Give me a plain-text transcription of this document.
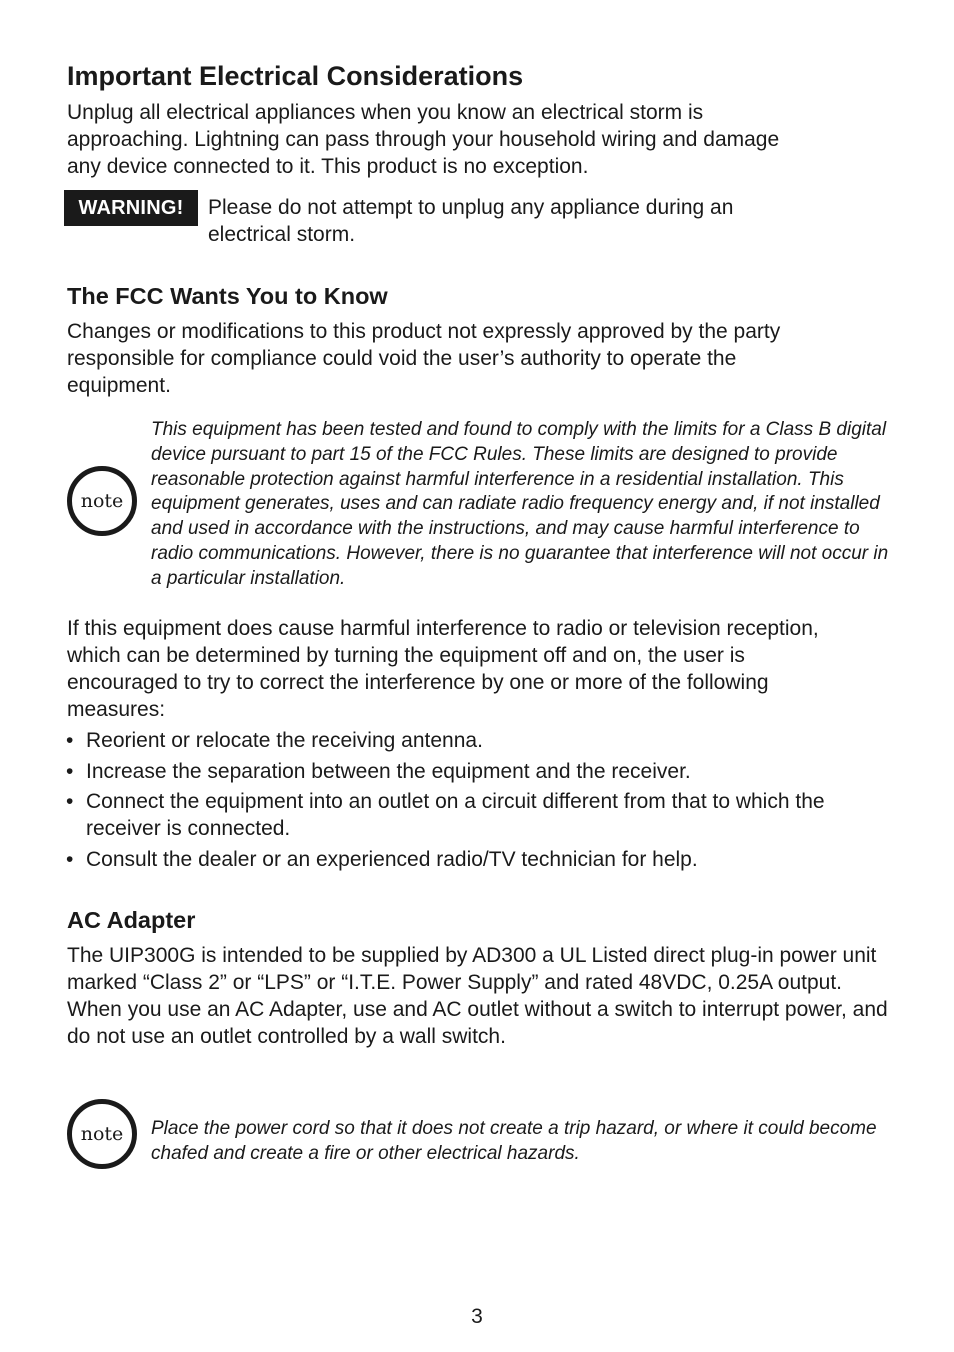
Important Electrical Considerations

Unplug all electrical appliances when you know an electrical storm is approaching. Lightning can pass through your household wiring and damage any device connected to it. This product is no exception.

WARNING!	Please do not attempt to unplug any appliance during an electrical storm.

The FCC Wants You to Know

Changes or modifications to this product not expressly approved by the party responsible for compliance could void the user’s authority to operate the equipment.

note

This equipment has been tested and found to comply with the limits for a Class B digital device pursuant to part 15 of the FCC Rules. These limits are designed to provide reasonable protection against harmful interference in a residential installation. This equipment generates, uses and can radiate radio frequency energy and, if not installed and used in accordance with the instructions, and may cause harmful interference to radio communications. However, there is no guarantee that interference will not occur in a particular installation.

If this equipment does cause harmful interference to radio or television reception, which can be determined by turning the equipment off and on, the user is encouraged to try to correct the interference by one or more of the following measures:

• Reorient or relocate the receiving antenna.
• Increase the separation between the equipment and the receiver.
• Connect the equipment into an outlet on a circuit different from that to which the receiver is connected.
• Consult the dealer or an experienced radio/TV technician for help.
AC Adapter

The UIP300G is intended to be supplied by AD300 a UL Listed direct plug-in power unit marked “Class 2” or “LPS” or “I.T.E. Power Supply” and rated 48VDC, 0.25A output. When you use an AC Adapter, use and AC outlet without a switch to interrupt power, and do not use an outlet controlled by a wall switch.

note Place the power cord so that it does not create a trip hazard, or where it could become chafed and create a fire or other electrical hazards.

3
